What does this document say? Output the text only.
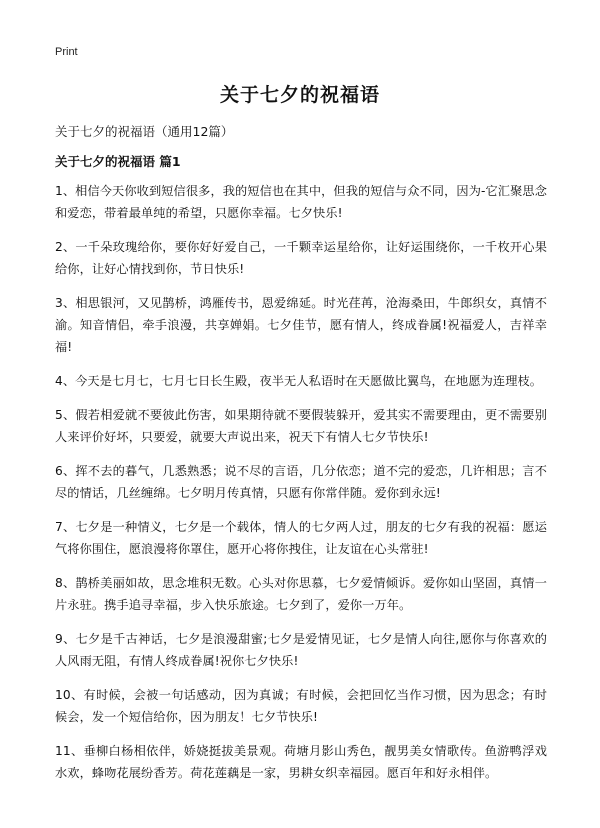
Print
关于七夕的祝福语

关于七夕的祝福语（通用12篇）

关于七夕的祝福语 篇1

1、相信今天你收到短信很多，我的短信也在其中，但我的短信与众不同，因为-它汇聚思念和爱恋，带着最单纯的希望，只愿你幸福。七夕快乐!

2、一千朵玫瑰给你，要你好好爱自己，一千颗幸运星给你，让好运围绕你，一千枚开心果给你，让好心情找到你，节日快乐!

3、相思银河，又见鹊桥，鸿雁传书，恩爱绵延。时光荏苒，沧海桑田，牛郎织女，真情不渝。知音情侣，牵手浪漫，共享婵娟。七夕佳节，愿有情人，终成眷属!祝福爱人，吉祥幸福!

4、今天是七月七，七月七日长生殿，夜半无人私语时在天愿做比翼鸟，在地愿为连理枝。

5、假若相爱就不要彼此伤害，如果期待就不要假装躲开，爱其实不需要理由，更不需要别人来评价好坏，只要爱，就要大声说出来，祝天下有情人七夕节快乐!

6、挥不去的暮气，几悉熟悉；说不尽的言语，几分依恋；道不完的爱恋，几许相思；言不尽的情话，几丝缠绵。七夕明月传真情，只愿有你常伴随。爱你到永远!

7、七夕是一种情义，七夕是一个载体，情人的七夕两人过，朋友的七夕有我的祝福：愿运气将你围住，愿浪漫将你罩住，愿开心将你拽住，让友谊在心头常驻!

8、鹊桥美丽如故，思念堆积无数。心头对你思慕，七夕爱情倾诉。爱你如山坚固，真情一片永驻。携手追寻幸福，步入快乐旅途。七夕到了，爱你一万年。

9、七夕是千古神话，七夕是浪漫甜蜜;七夕是爱情见证，七夕是情人向往,愿你与你喜欢的人风雨无阻，有情人终成眷属!祝你七夕快乐!

10、有时候，会被一句话感动，因为真诚；有时候，会把回忆当作习惯，因为思念；有时候会，发一个短信给你，因为朋友！七夕节快乐!

11、垂柳白杨相依伴，娇娆挺拔美景观。荷塘月影山秀色，靓男美女情歌传。鱼游鸭浮戏水欢，蜂吻花展纷香芳。荷花莲藕是一家，男耕女织幸福园。愿百年和好永相伴。
